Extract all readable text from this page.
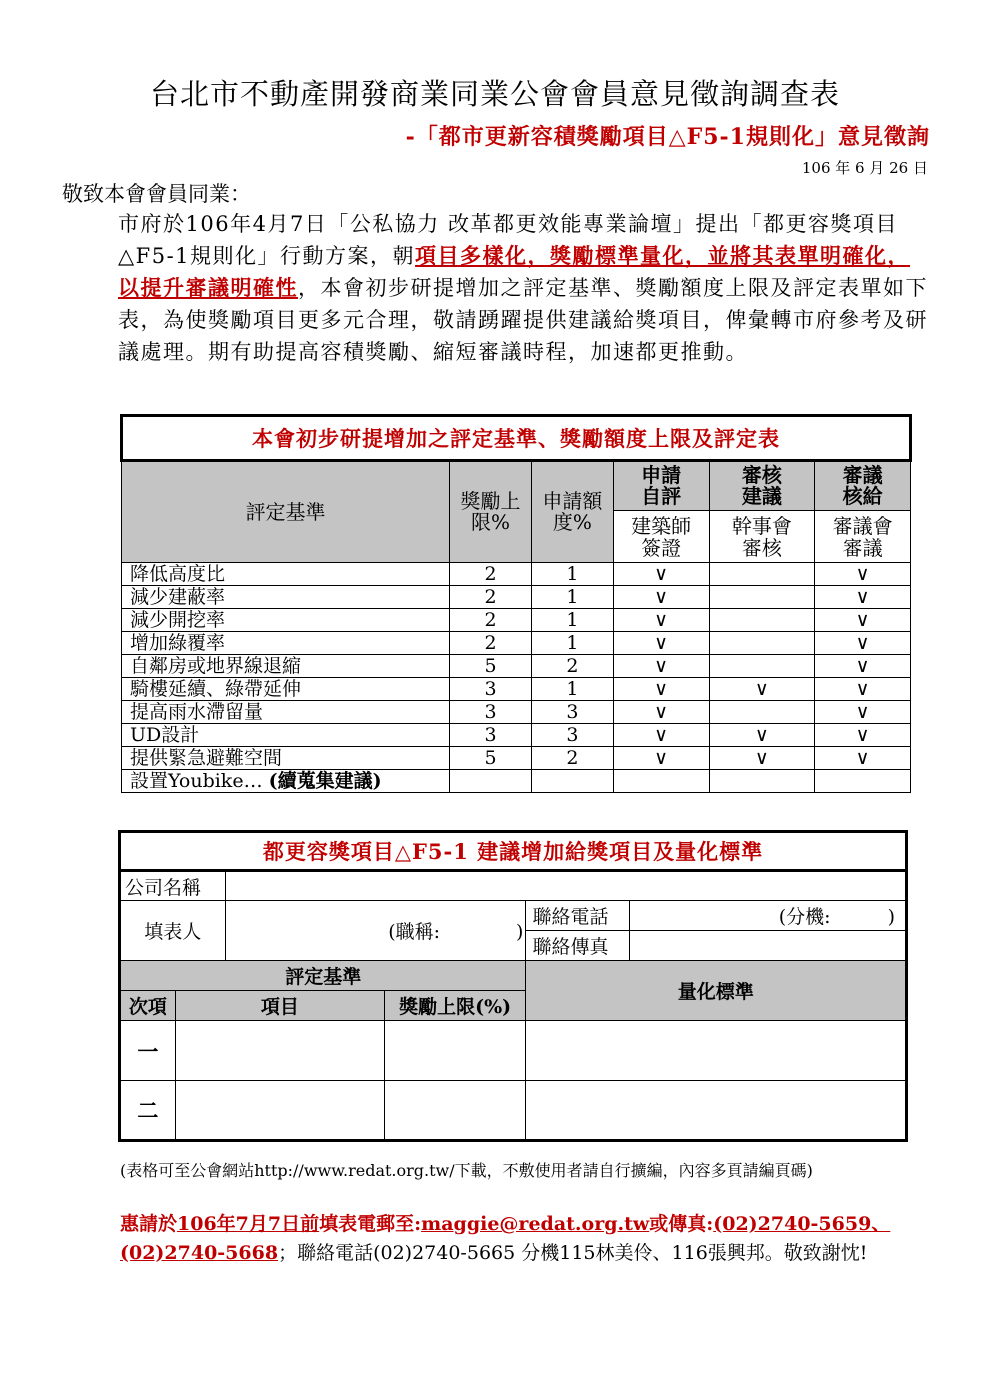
台北市不動產開發商業同業公會會員意見徵詢調查表
-「都市更新容積獎勵項目△F5-1規則化」意見徵詢
106 年 6 月 26 日
敬致本會會員同業：
市府於106年4月7日「公私協力 改革都更效能專業論壇」提出「都更容獎項目△F5-1規則化」行動方案，朝項目多樣化，獎勵標準量化，並將其表單明確化，以提升審議明確性，本會初步研提增加之評定基準、獎勵額度上限及評定表單如下表，為使獎勵項目更多元合理，敬請踴躍提供建議給獎項目，俾彙轉市府參考及研議處理。期有助提高容積獎勵、縮短審議時程，加速都更推動。
本會初步研提增加之評定基準、獎勵額度上限及評定表					
評定基準	獎勵上限%	申請額度%	申請自評	審核建議	審議核給

			建築師簽證	幹事會審核	審議會審議

降低高度比	2	1	∨		∨
減少建蔽率	2	1	∨		∨
減少開挖率	2	1	∨		∨
增加綠覆率	2	1	∨		∨
自鄰房或地界線退縮	5	2	∨		∨
騎樓延續、綠帶延伸	3	1	∨	∨	∨
提高雨水滯留量	3	3	∨		∨
UD設計	3	3	∨	∨	∨
提供緊急避難空間	5	2	∨	∨	∨
設置Youbike… (續蒐集建議)					
都更容獎項目△F5-1 建議增加給獎項目及量化標準					
公司名稱					
填表人		(職稱:　　　　)		聯絡電話	(分機:　　　)
				聯絡傳真	
評定基準				量化標準	
次項	項目		獎勵上限(%)		
一					
二					
(表格可至公會網站http://www.redat.org.tw/下載，不敷使用者請自行擴編，內容多頁請編頁碼)
惠請於106年7月7日前填表電郵至:maggie@redat.org.tw或傳真:(02)2740-5659、(02)2740-5668；聯絡電話(02)2740-5665 分機115林美伶、116張興邦。敬致謝忱!
